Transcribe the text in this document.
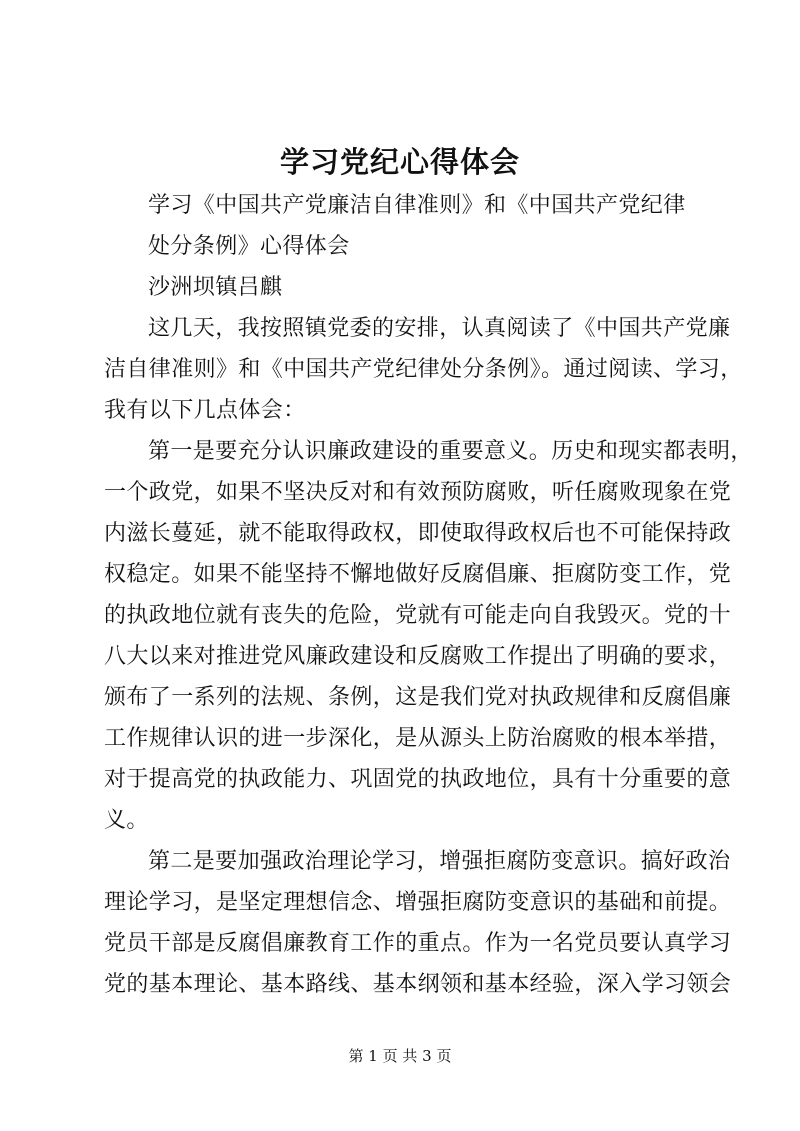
学习党纪心得体会
学习《中国共产党廉洁自律准则》和《中国共产党纪律
处分条例》心得体会
沙洲坝镇吕麒
这几天，我按照镇党委的安排，认真阅读了《中国共产党廉
洁自律准则》和《中国共产党纪律处分条例》。通过阅读、学习，
我有以下几点体会：
第一是要充分认识廉政建设的重要意义。历史和现实都表明，
一个政党，如果不坚决反对和有效预防腐败，听任腐败现象在党
内滋长蔓延，就不能取得政权，即使取得政权后也不可能保持政
权稳定。如果不能坚持不懈地做好反腐倡廉、拒腐防变工作，党
的执政地位就有丧失的危险，党就有可能走向自我毁灭。党的十
八大以来对推进党风廉政建设和反腐败工作提出了明确的要求，
颁布了一系列的法规、条例，这是我们党对执政规律和反腐倡廉
工作规律认识的进一步深化，是从源头上防治腐败的根本举措，
对于提高党的执政能力、巩固党的执政地位，具有十分重要的意
义。
第二是要加强政治理论学习，增强拒腐防变意识。搞好政治
理论学习，是坚定理想信念、增强拒腐防变意识的基础和前提。
党员干部是反腐倡廉教育工作的重点。作为一名党员要认真学习
党的基本理论、基本路线、基本纲领和基本经验，深入学习领会
第 1 页 共 3 页
